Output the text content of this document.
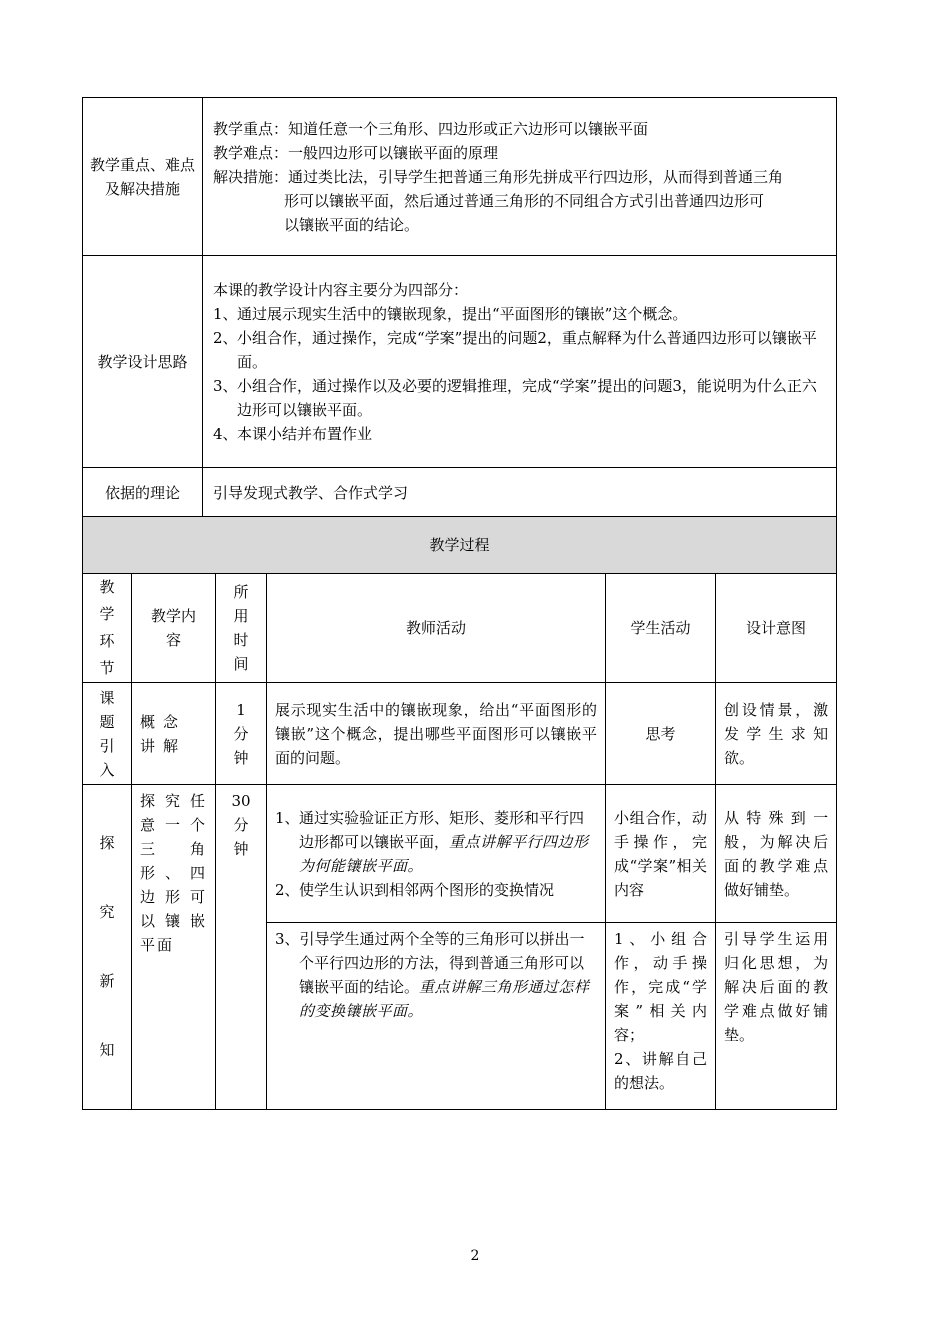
教学重点、难点及解决措施	教学重点：知道任意一个三角形、四边形或正六边形可以镶嵌平面
教学难点：一般四边形可以镶嵌平面的原理
解决措施：通过类比法，引导学生把普通三角形先拼成平行四边形，从而得到普通三角
形可以镶嵌平面，然后通过普通三角形的不同组合方式引出普通四边形可
以镶嵌平面的结论。

教学设计思路	本课的教学设计内容主要分为四部分：
1、通过展示现实生活中的镶嵌现象，提出“平面图形的镶嵌”这个概念。
2、小组合作，通过操作，完成“学案”提出的问题2，重点解释为什么普通四边形可以镶嵌平面。
3、小组合作，通过操作以及必要的逻辑推理，完成“学案”提出的问题3，能说明为什么正六边形可以镶嵌平面。
4、本课小结并布置作业

依据的理论	引导发现式教学、合作式学习
教学过程					

教学环节	教学内容	所用时间	教师活动	学生活动	设计意图

课题引入	概念讲解	1分钟	展示现实生活中的镶嵌现象，给出“平面图形的镶嵌”这个概念，提出哪些平面图形可以镶嵌平面的问题。	思考	创设情景，激发学生求知欲。

探究新知	探究任意一个三角形、四边形可以镶嵌平面	30分钟	1、通过实验验证正方形、矩形、菱形和平行四边形都可以镶嵌平面，重点讲解平行四边形为何能镶嵌平面。
2、使学生认识到相邻两个图形的变换情况	小组合作，动手操作，完成“学案”相关内容	从特殊到一般，为解决后面的教学难点做好铺垫。

			3、引导学生通过两个全等的三角形可以拼出一个平行四边形的方法，得到普通三角形可以镶嵌平面的结论。重点讲解三角形通过怎样的变换镶嵌平面。	1、小组合作，动手操作，完成“学案”相关内容；
2、讲解自己的想法。	引导学生运用归化思想，为解决后面的教学难点做好铺垫。
2
